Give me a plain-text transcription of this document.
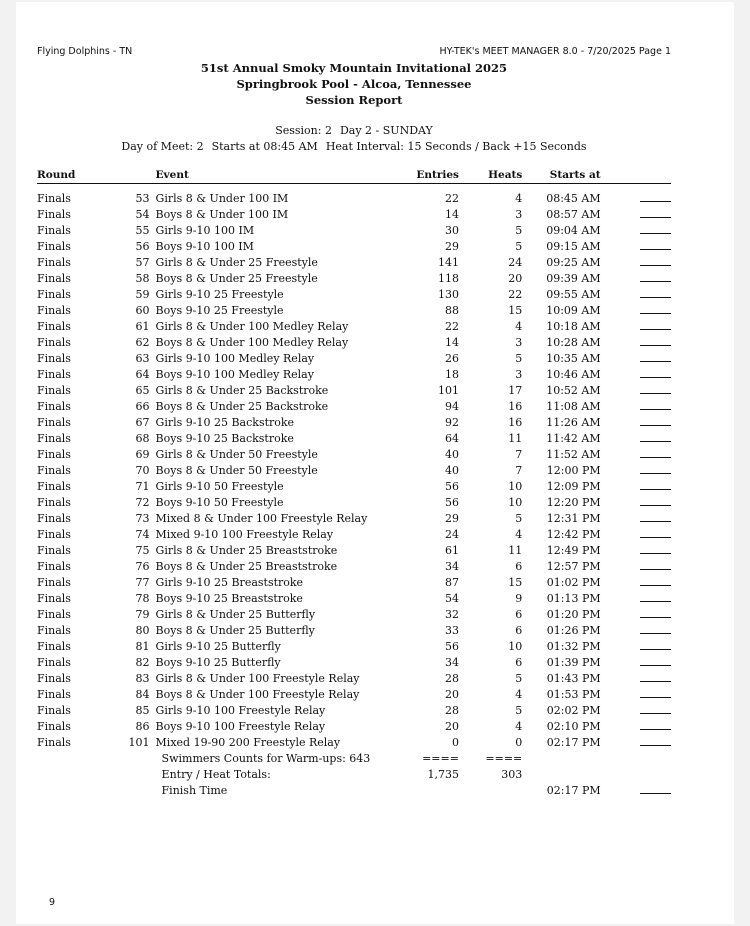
Flying Dolphins - TN	HY-TEK's MEET MANAGER 8.0 - 7/20/2025 Page 1
51st Annual Smoky Mountain Invitational 2025
Springbrook Pool - Alcoa, Tennessee
Session Report
Session: 2 Day 2 - SUNDAY
Day of Meet: 2 Starts at 08:45 AM Heat Interval: 15 Seconds / Back +15 Seconds
Round		Event	Entries	Heats	Starts at	
Finals	53	Girls 8 & Under 100 IM	22	4	08:45 AM	
Finals	54	Boys 8 & Under 100 IM	14	3	08:57 AM	
Finals	55	Girls 9-10 100 IM	30	5	09:04 AM	
Finals	56	Boys 9-10 100 IM	29	5	09:15 AM	
Finals	57	Girls 8 & Under 25 Freestyle	141	24	09:25 AM	
Finals	58	Boys 8 & Under 25 Freestyle	118	20	09:39 AM	
Finals	59	Girls 9-10 25 Freestyle	130	22	09:55 AM	
Finals	60	Boys 9-10 25 Freestyle	88	15	10:09 AM	
Finals	61	Girls 8 & Under 100 Medley Relay	22	4	10:18 AM	
Finals	62	Boys 8 & Under 100 Medley Relay	14	3	10:28 AM	
Finals	63	Girls 9-10 100 Medley Relay	26	5	10:35 AM	
Finals	64	Boys 9-10 100 Medley Relay	18	3	10:46 AM	
Finals	65	Girls 8 & Under 25 Backstroke	101	17	10:52 AM	
Finals	66	Boys 8 & Under 25 Backstroke	94	16	11:08 AM	
Finals	67	Girls 9-10 25 Backstroke	92	16	11:26 AM	
Finals	68	Boys 9-10 25 Backstroke	64	11	11:42 AM	
Finals	69	Girls 8 & Under 50 Freestyle	40	7	11:52 AM	
Finals	70	Boys 8 & Under 50 Freestyle	40	7	12:00 PM	
Finals	71	Girls 9-10 50 Freestyle	56	10	12:09 PM	
Finals	72	Boys 9-10 50 Freestyle	56	10	12:20 PM	
Finals	73	Mixed 8 & Under 100 Freestyle Relay	29	5	12:31 PM	
Finals	74	Mixed 9-10 100 Freestyle Relay	24	4	12:42 PM	
Finals	75	Girls 8 & Under 25 Breaststroke	61	11	12:49 PM	
Finals	76	Boys 8 & Under 25 Breaststroke	34	6	12:57 PM	
Finals	77	Girls 9-10 25 Breaststroke	87	15	01:02 PM	
Finals	78	Boys 9-10 25 Breaststroke	54	9	01:13 PM	
Finals	79	Girls 8 & Under 25 Butterfly	32	6	01:20 PM	
Finals	80	Boys 8 & Under 25 Butterfly	33	6	01:26 PM	
Finals	81	Girls 9-10 25 Butterfly	56	10	01:32 PM	
Finals	82	Boys 9-10 25 Butterfly	34	6	01:39 PM	
Finals	83	Girls 8 & Under 100 Freestyle Relay	28	5	01:43 PM	
Finals	84	Boys 8 & Under 100 Freestyle Relay	20	4	01:53 PM	
Finals	85	Girls 9-10 100 Freestyle Relay	28	5	02:02 PM	
Finals	86	Boys 9-10 100 Freestyle Relay	20	4	02:10 PM	
Finals	101	Mixed 19-90 200 Freestyle Relay	0	0	02:17 PM	
		Swimmers Counts for Warm-ups: 643	====	====		
		Entry / Heat Totals:	1,735	303		
		Finish Time			02:17 PM	
9
